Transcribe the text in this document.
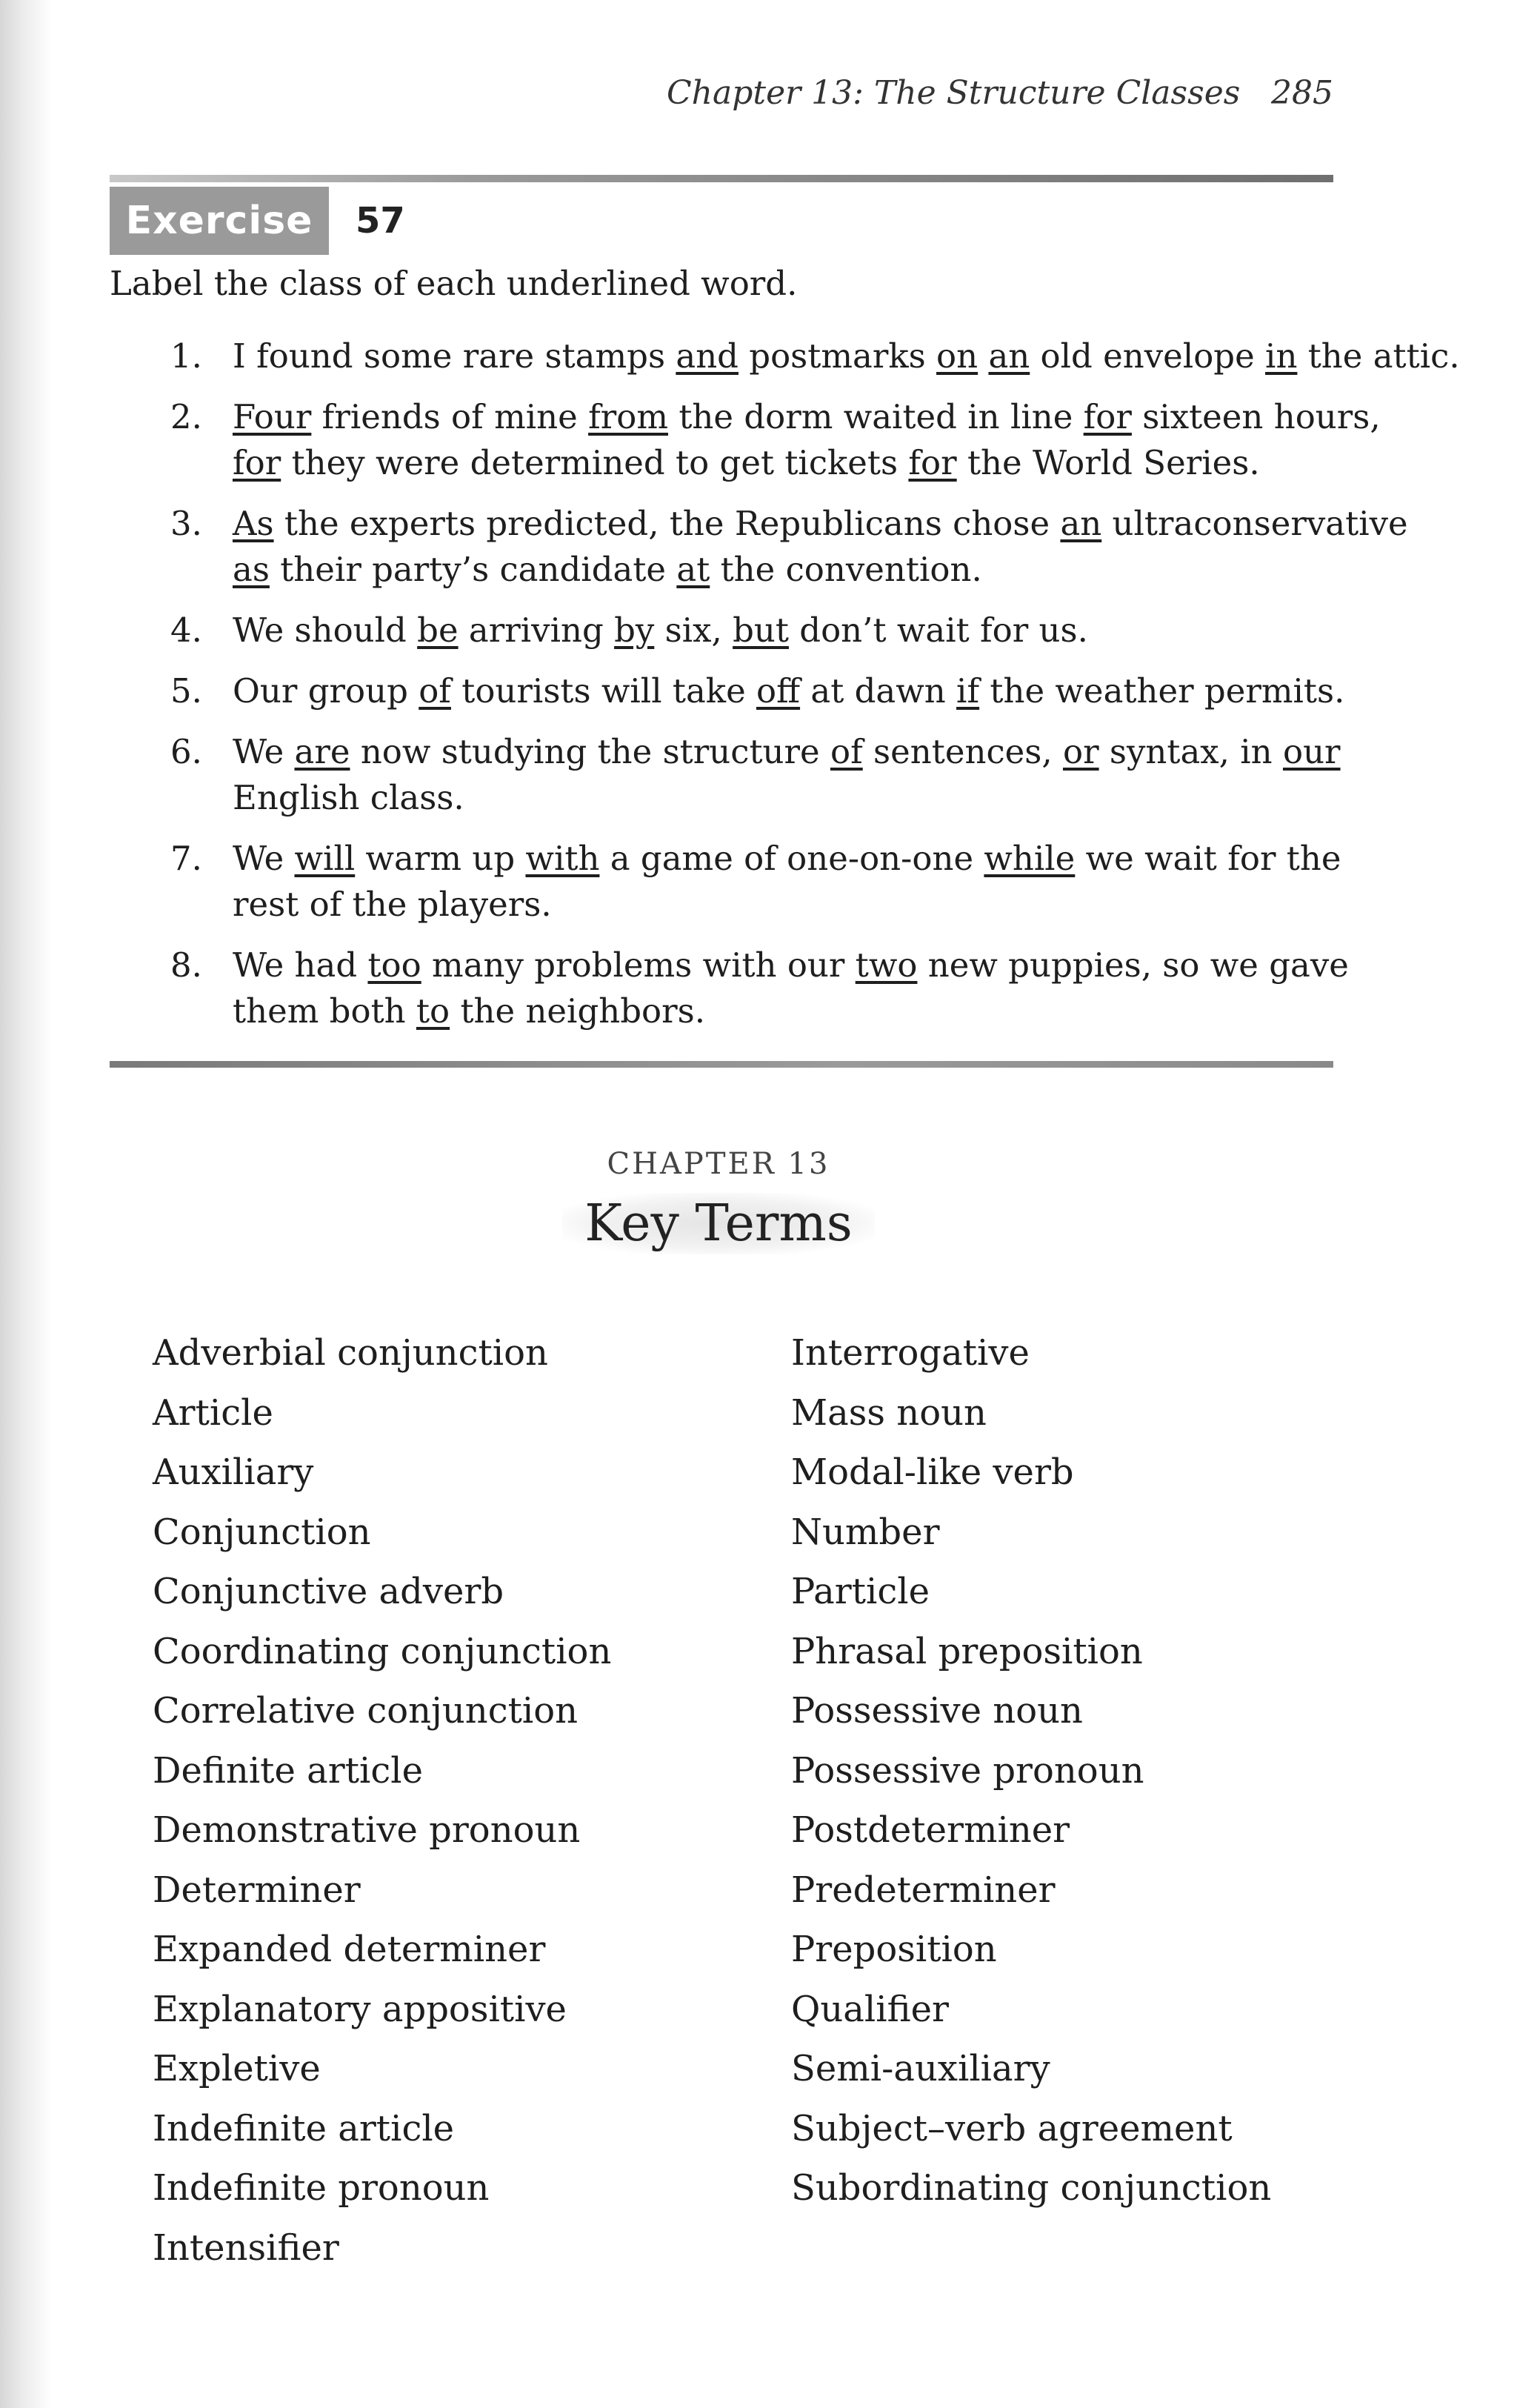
Chapter 13: The Structure Classes 285
Exercise	57
Label the class of each underlined word.
1. I found some rare stamps and postmarks on an old envelope in the attic.
2. Four friends of mine from the dorm waited in line for sixteen hours,
for they were determined to get tickets for the World Series.
3. As the experts predicted, the Republicans chose an ultraconservative
as their party’s candidate at the convention.
4. We should be arriving by six, but don’t wait for us.
5. Our group of tourists will take off at dawn if the weather permits.
6. We are now studying the structure of sentences, or syntax, in our
English class.
7. We will warm up with a game of one-on-one while we wait for the
rest of the players.
8. We had too many problems with our two new puppies, so we gave
them both to the neighbors.
CHAPTER 13
Key Terms
Adverbial conjunction
Article
Auxiliary
Conjunction
Conjunctive adverb
Coordinating conjunction
Correlative conjunction
Definite article
Demonstrative pronoun
Determiner
Expanded determiner
Explanatory appositive
Expletive
Indefinite article
Indefinite pronoun
Intensifier
Interrogative
Mass noun
Modal-like verb
Number
Particle
Phrasal preposition
Possessive noun
Possessive pronoun
Postdeterminer
Predeterminer
Preposition
Qualifier
Semi-auxiliary
Subject–verb agreement
Subordinating conjunction
